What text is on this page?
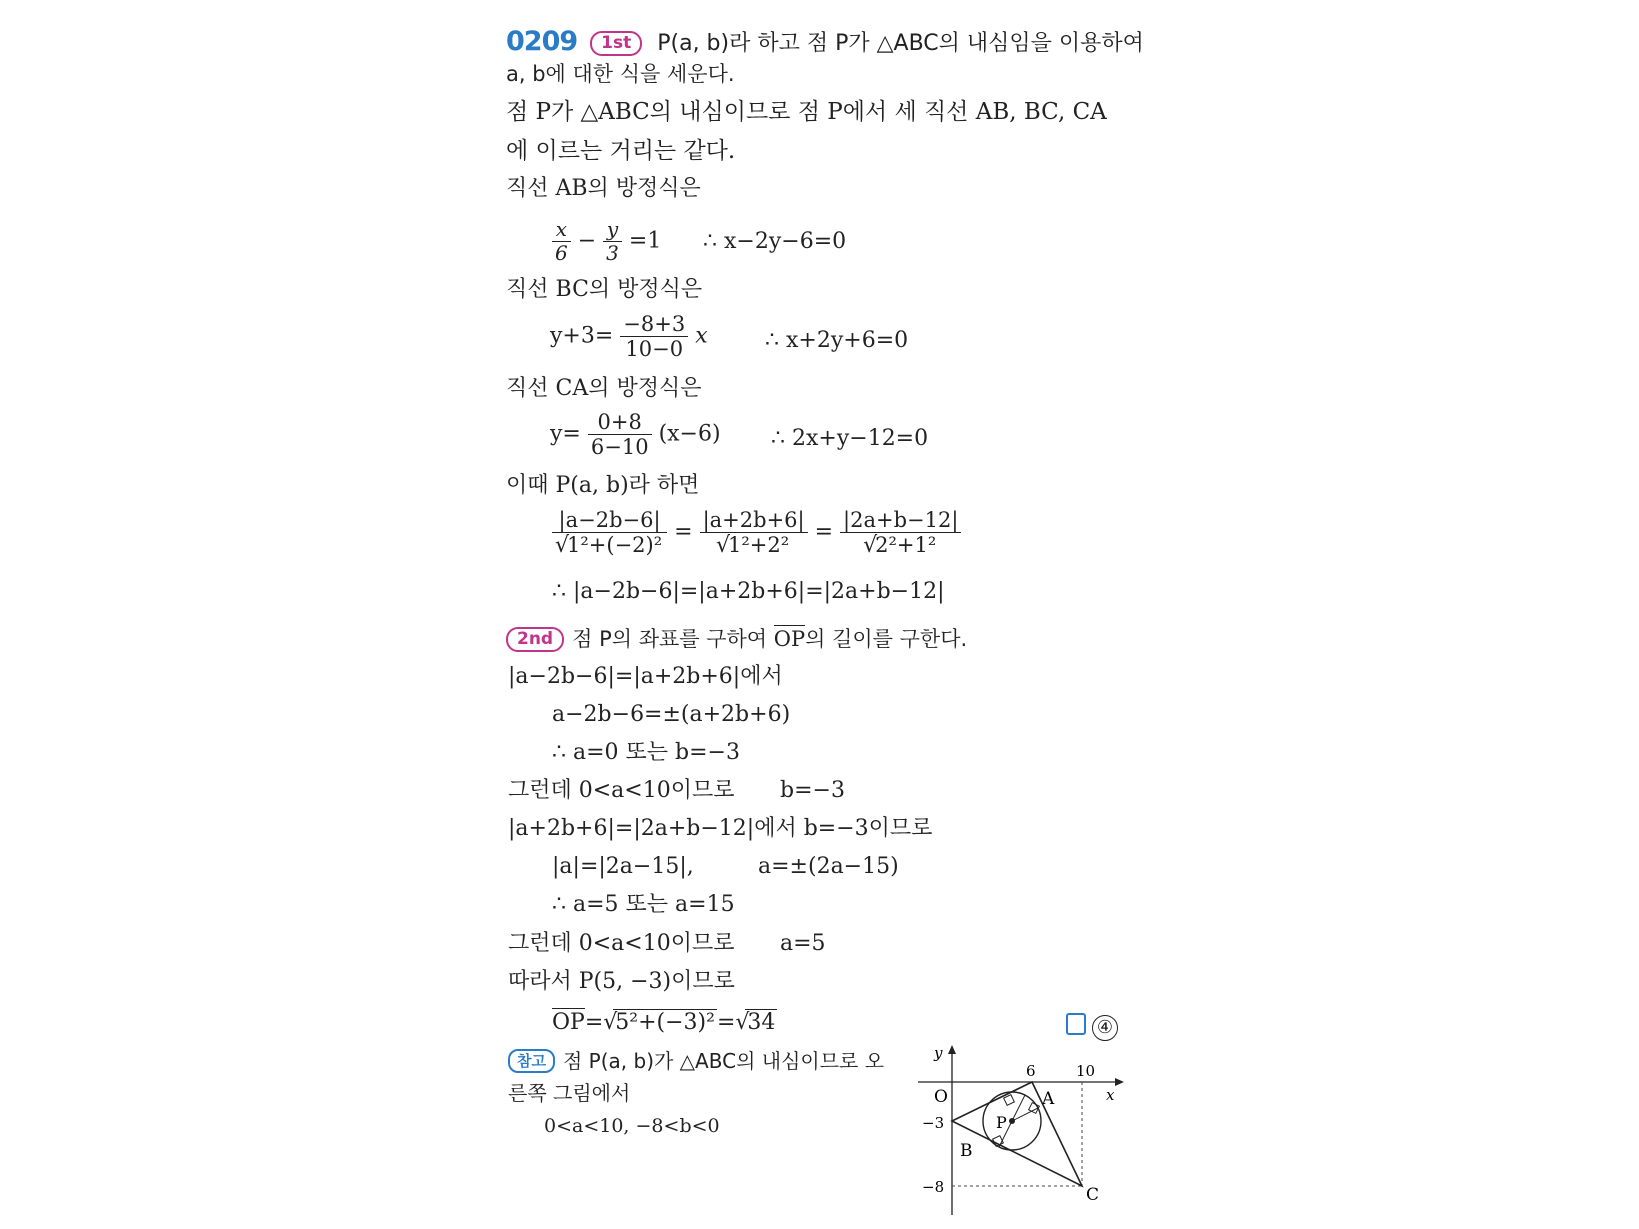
0209 1st P(a, b)라 하고 점 P가 △ABC의 내심임을 이용하여
a, b에 대한 식을 세운다.
점 P가 △ABC의 내심이므로 점 P에서 세 직선 AB, BC, CA
에 이르는 거리는 같다.
직선 AB의 방정식은
$\frac{x}{6} - \frac{y}{3} =1$ ∴ x−2y−6=0
직선 BC의 방정식은
$y+3= \frac{-8+3}{10-0}$ x	∴ x+2y+6=0
직선 CA의 방정식은
$y= \frac{0+8}{6-10} (x-6)$ ∴ 2x+y−12=0
이때 P(a, b)라 하면
|a−2b−6|
√
1²+(−2)² = |a+2b+6|
√
1²+2² = |2a+b−12|
√
2²+1²
∴ |a−2b−6|=|a+2b+6|=|2a+b−12|
2nd 점 P의 좌표를 구하여 OP의 길이를 구한다.
|a−2b−6|=|a+2b+6|에서
a−2b−6=±(a+2b+6)
∴ a=0 또는 b=−3
그런데 0<a<10이므로 b=−3
|a+2b+6|=|2a+b−12|에서 b=−3이므로
|a|=|2a−15|,	a=±(2a−15)
∴ a=5 또는 a=15
그런데 0<a<10이므로 a=5
따라서 P(5, −3)이므로
OP= √
5²+(−3)²= √
34	④
참고 점 P(a, b)가 △ABC의 내심이므로 오
른쪽 그림에서
0<a<10, −8<b<0
y
x
O
6	10
−3
−8
A
B
C
P
